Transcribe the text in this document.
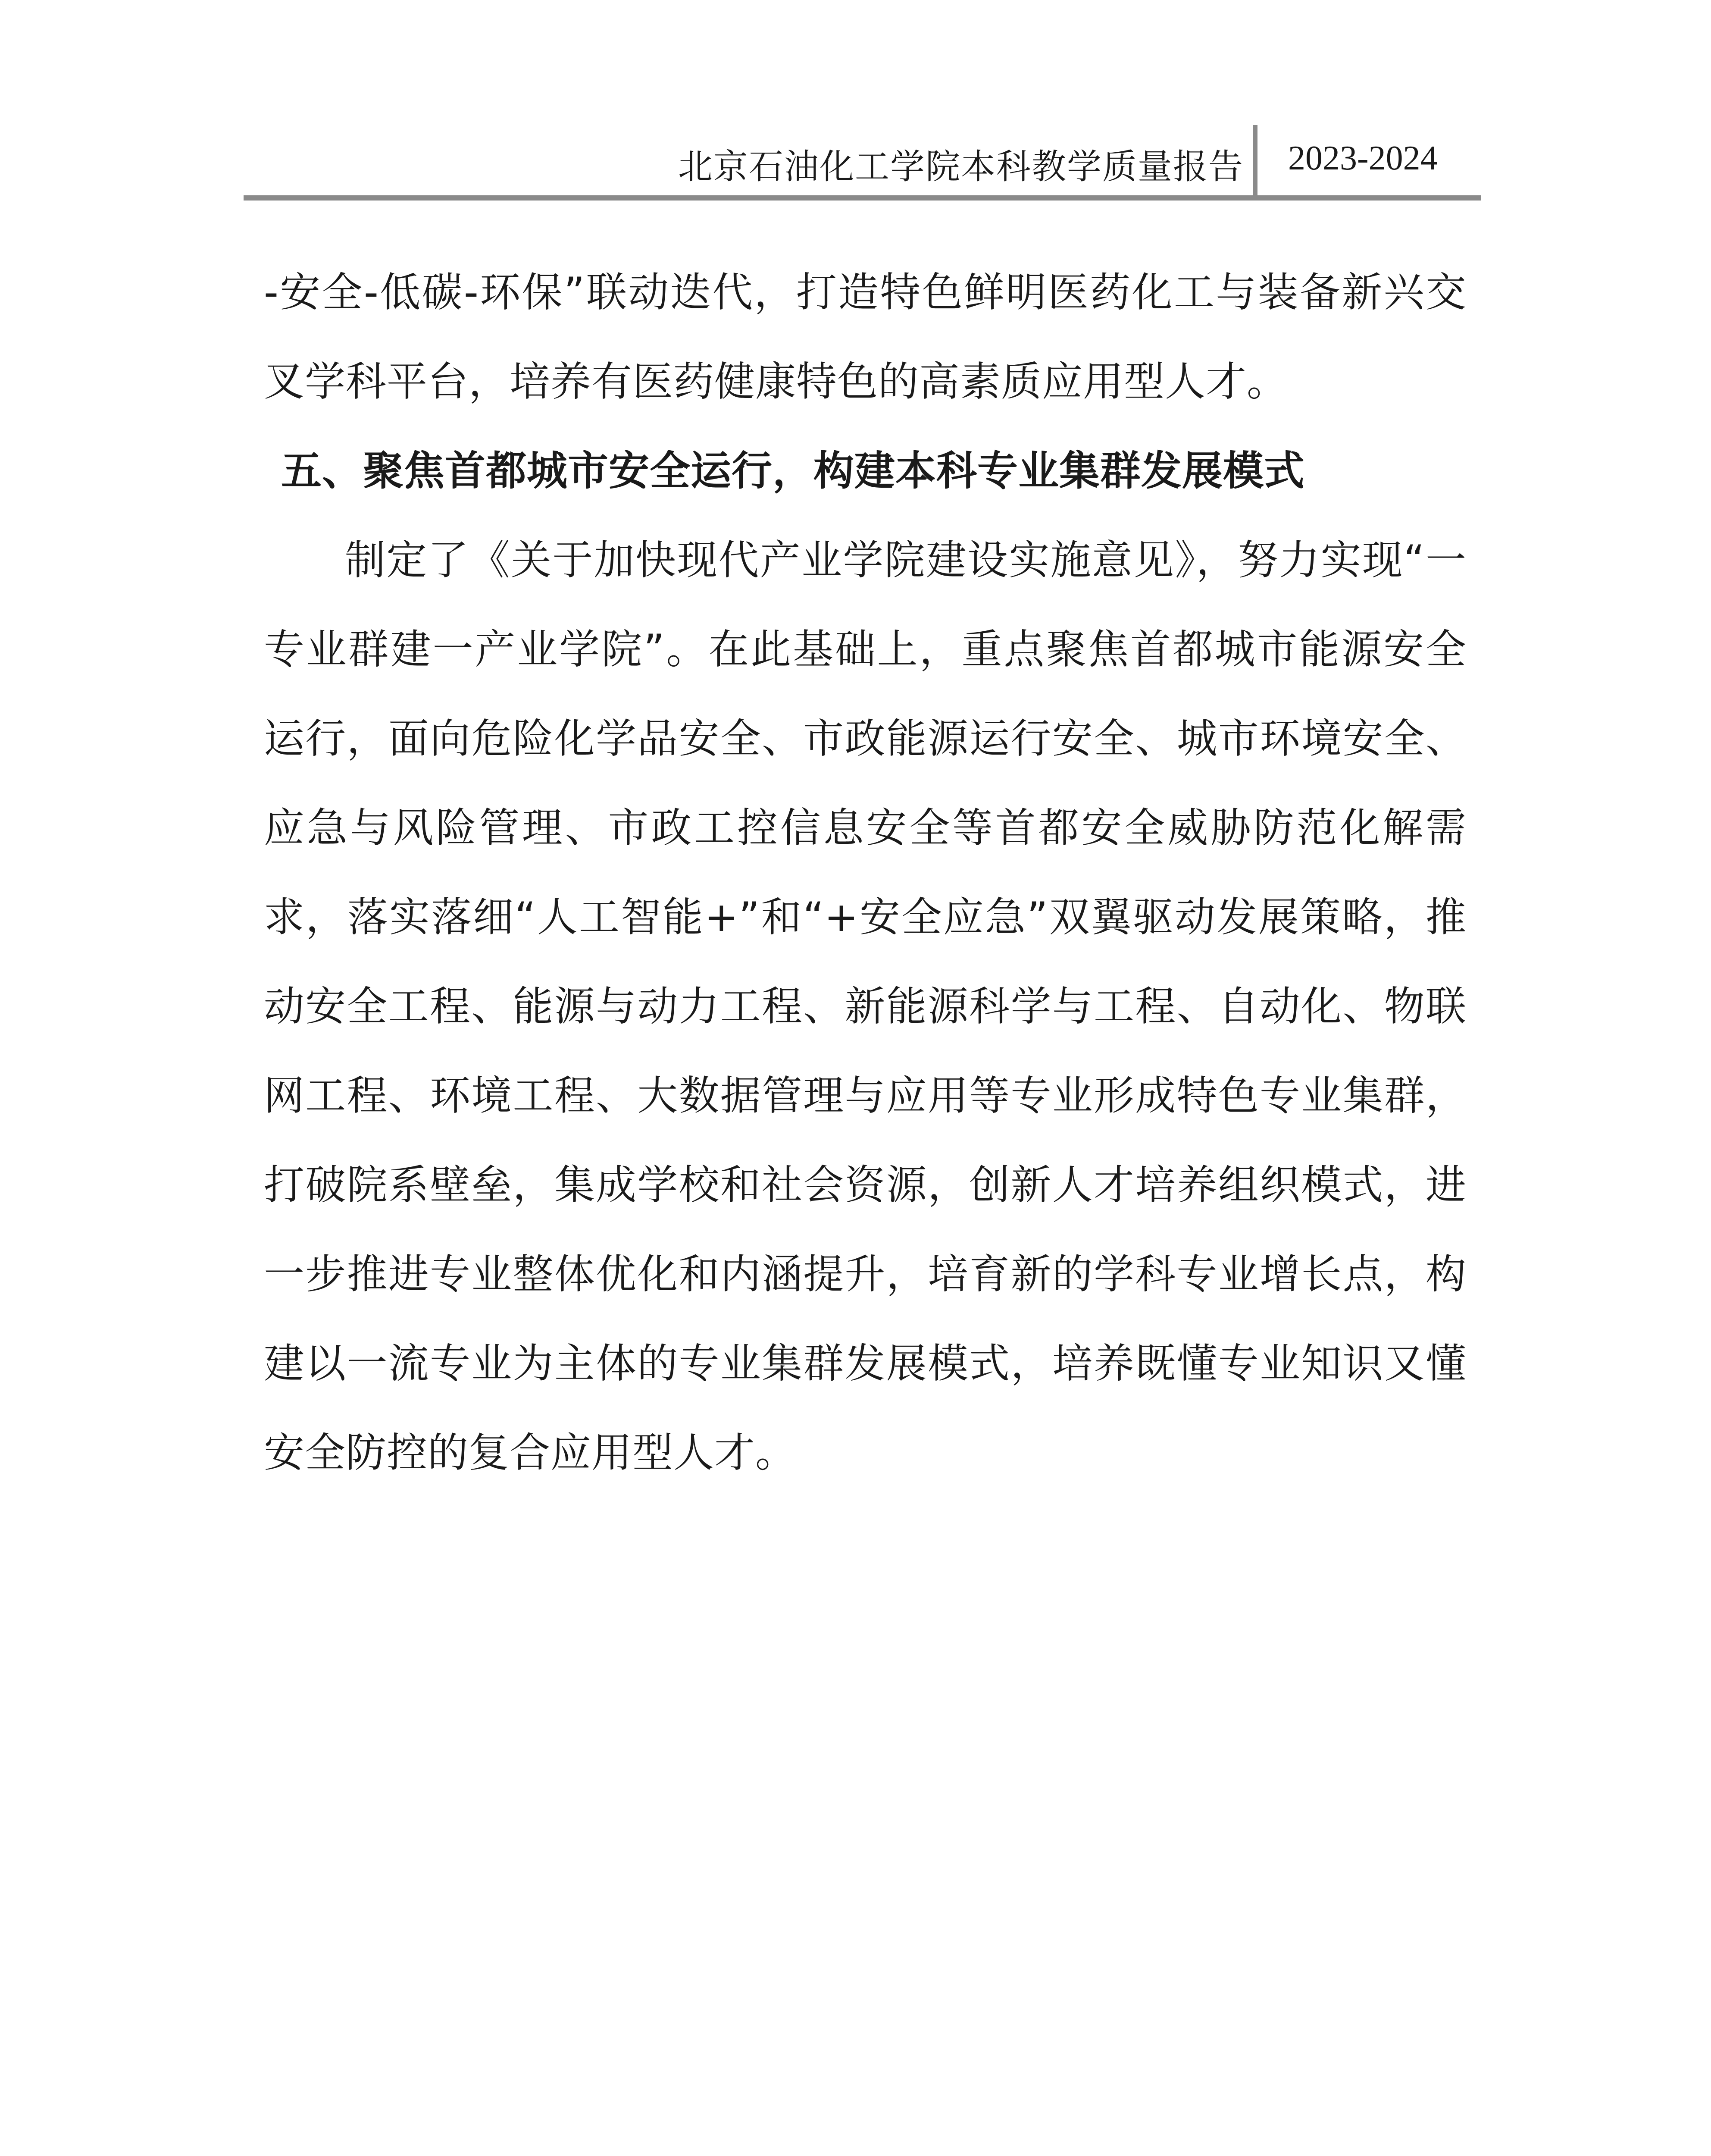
北京石油化工学院本科教学质量报告 2023-2024

-安全-低碳-环保”联动迭代，打造特色鲜明医药化工与装备新兴交叉学科平台，培养有医药健康特色的高素质应用型人才。

五、聚焦首都城市安全运行，构建本科专业集群发展模式

制定了《关于加快现代产业学院建设实施意见》，努力实现“一专业群建一产业学院”。在此基础上，重点聚焦首都城市能源安全运行，面向危险化学品安全、市政能源运行安全、城市环境安全、应急与风险管理、市政工控信息安全等首都安全威胁防范化解需求，落实落细“人工智能+”和“+安全应急”双翼驱动发展策略，推动安全工程、能源与动力工程、新能源科学与工程、自动化、物联网工程、环境工程、大数据管理与应用等专业形成特色专业集群，打破院系壁垒，集成学校和社会资源，创新人才培养组织模式，进一步推进专业整体优化和内涵提升，培育新的学科专业增长点，构建以一流专业为主体的专业集群发展模式，培养既懂专业知识又懂安全防控的复合应用型人才。
